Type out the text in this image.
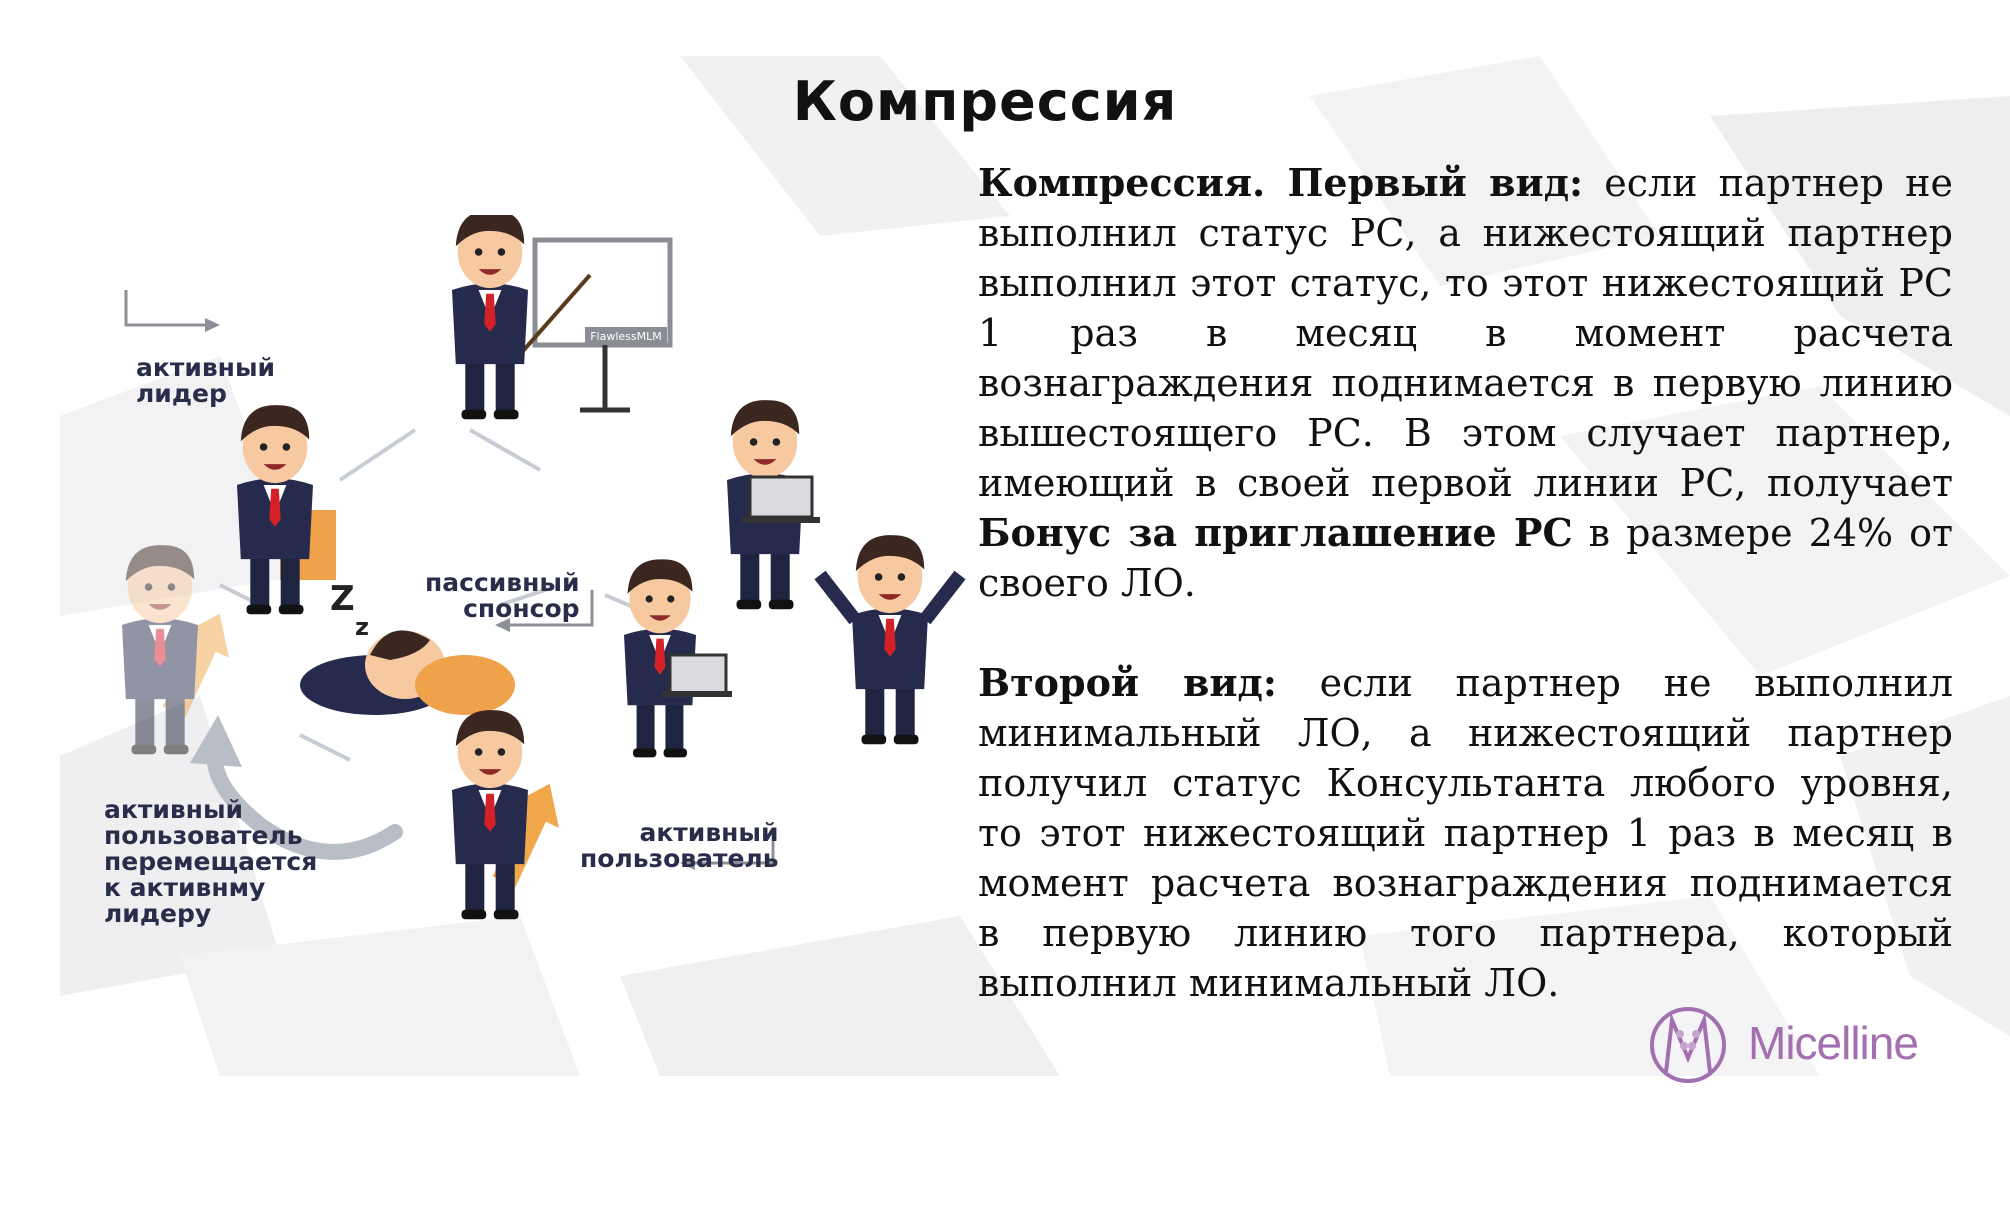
Компрессия

Компрессия. Первый вид: если партнер не выполнил статус РС, а нижестоящий партнер выполнил этот статус, то этот нижестоящий РС 1 раз в месяц в момент расчета вознаграждения поднимается в первую линию вышестоящего РС. В этом случает партнер, имеющий в своей первой линии РС, получает Бонус за приглашение РС в размере 24% от своего ЛО.

Второй вид: если партнер не выполнил минимальный ЛО, а нижестоящий партнер получил статус Консультанта любого уровня, то этот нижестоящий партнер 1 раз в месяц в момент расчета вознаграждения поднимается в первую линию того партнера, который выполнил минимальный ЛО.

FlawlessMLM
Z
z
активный
лидер
пассивный
спонсор
активный
пользователь
активный
пользователь
перемещается
к активнму
лидеру
Micelline
